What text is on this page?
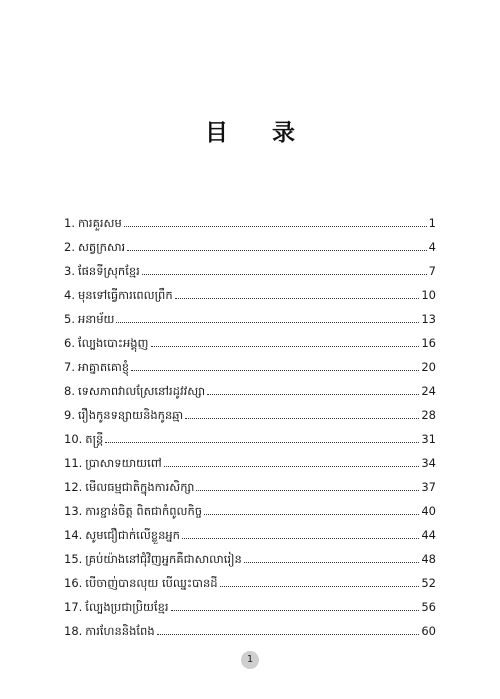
目 录
1. ការគួរសម	1
2. សត្វក្រសារ	4
3. ផែនទីស្រុកខ្មែរ	7
4. មុនទៅធ្វើការពេលព្រឹក	10
5. អនាម័យ	13
6. ល្បែងបោះអង្គុញ	16
7. អាគ្នាតគោខ្ញុំ	20
8. ទេសភាពវាលស្រែនៅរដូវវស្សា	24
9. រឿងកូនទន្សាយនិងកូនឆ្មា	28
10. តន្ត្រី	31
11. ប្រាសាទយាយពៅ	34
12. មើលធម្មជាតិក្នុងការសិក្សា	37
13. ការខ្ជាន់ចិត្ត ពិតជាកំពូលកិច្ច	40
14. សូមជឿជាក់លើខ្លួនអ្នក	44
15. គ្រប់យ៉ាងនៅជុំវិញអ្នកគឺជាសាលារៀន	48
16. បើចាញ់បានលុយ បើឈ្នះបានដី	52
17. ល្បែងប្រជាប្រិយខ្មែរ	56
18. ការហែននិងពែង	60
1
